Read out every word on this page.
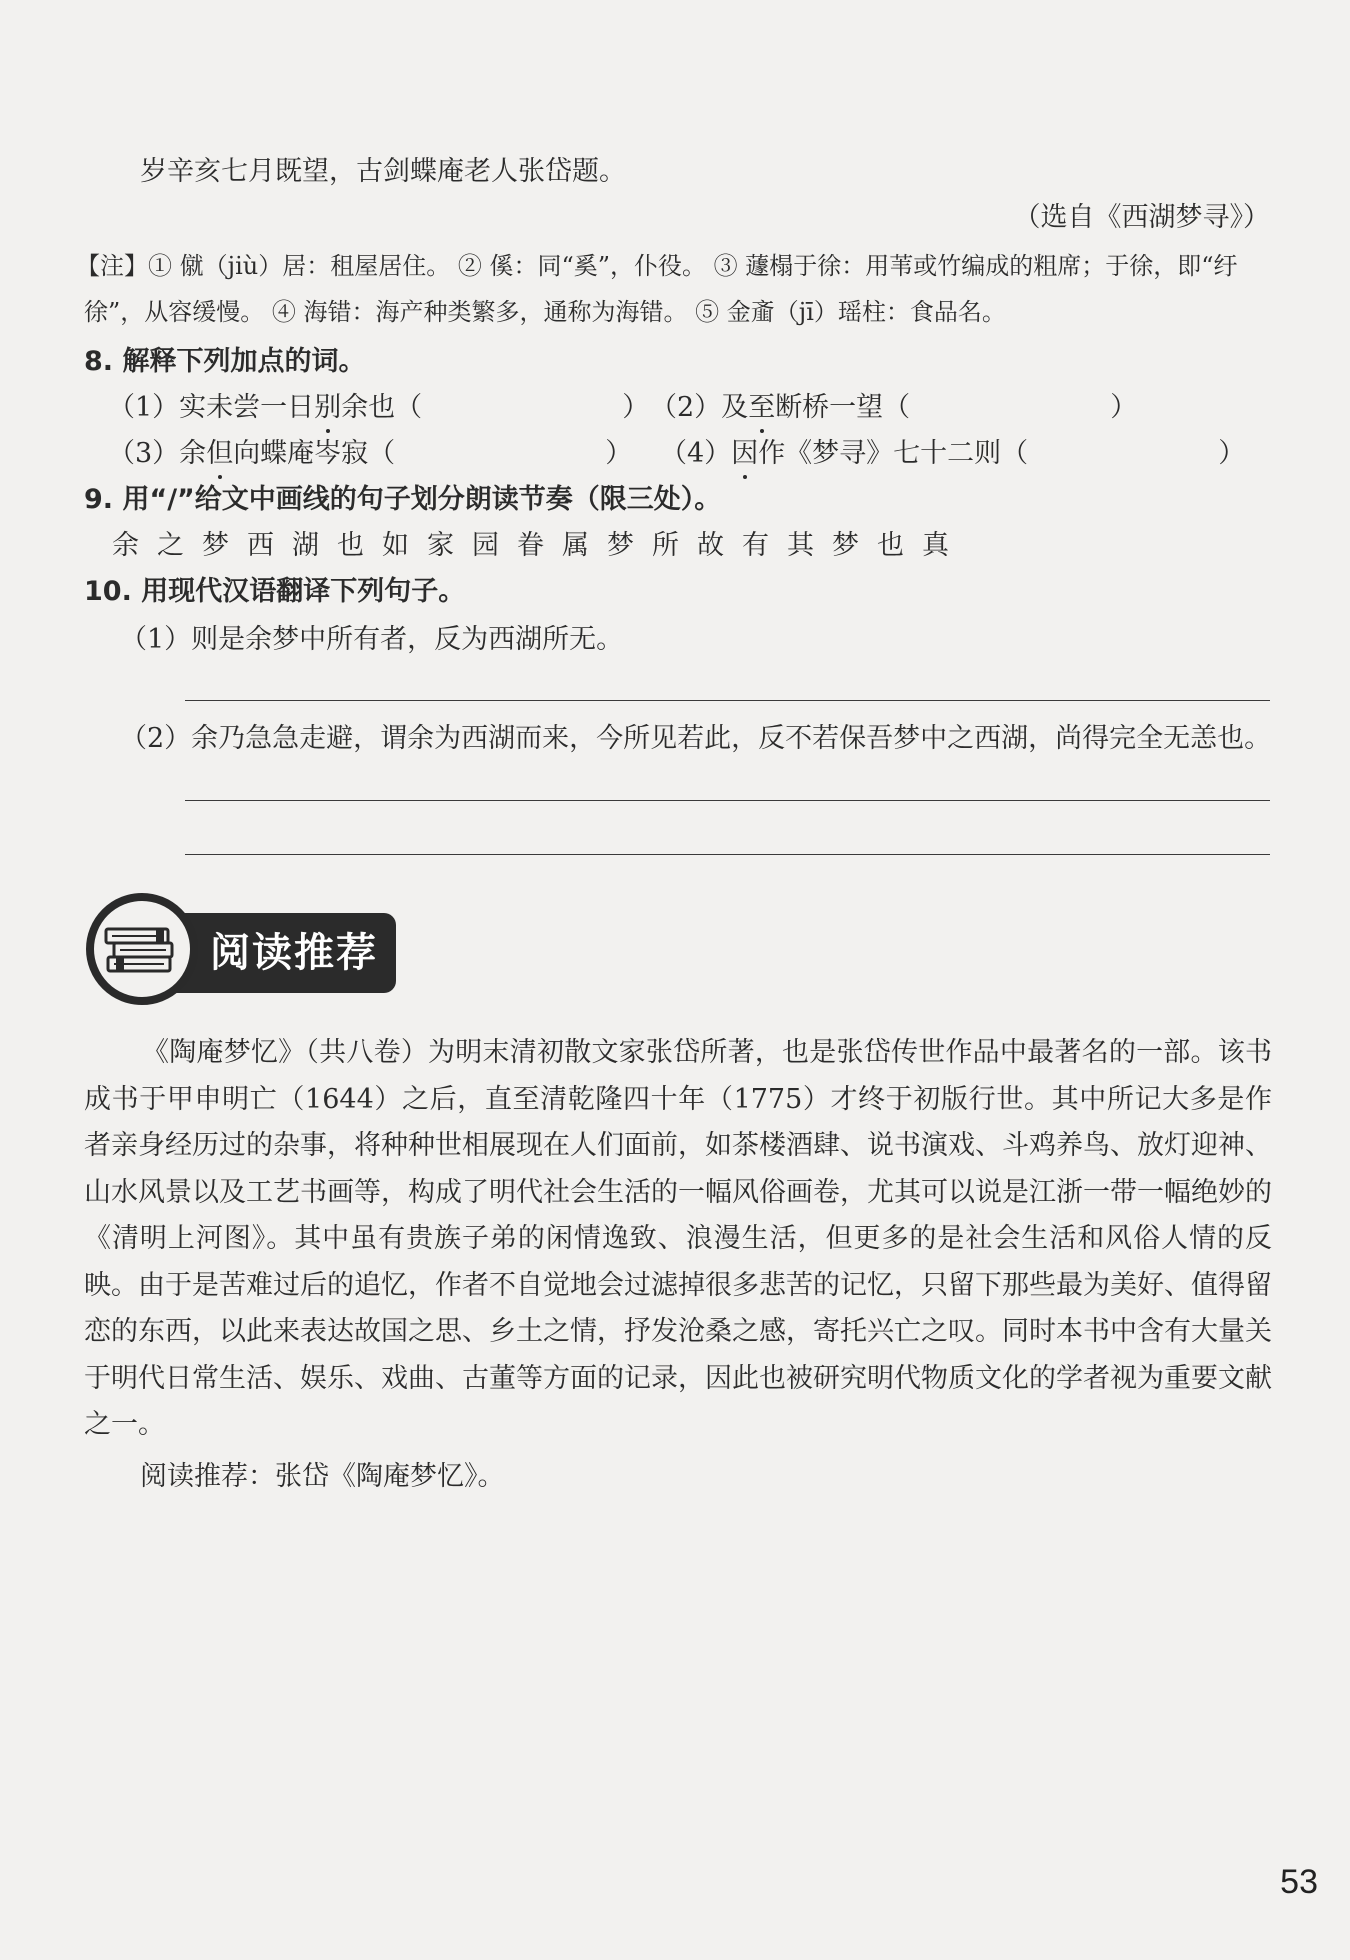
岁辛亥七月既望，古剑蝶庵老人张岱题。
（选自《西湖梦寻》）
【注】① 僦（jiù）居：租屋居住。 ② 傒：同“奚”，仆役。 ③ 蘧榻于徐：用苇或竹编成的粗席；于徐，即“纡
徐”，从容缓慢。 ④ 海错：海产种类繁多，通称为海错。 ⑤ 金齑（jī）瑶柱：食品名。
8. 解释下列加点的词。
（1）实未尝一日别余也（	） （2）及至断桥一望（	）
（3）余但向蝶庵岑寂（	） （4）因作《梦寻》七十二则（	）
9. 用“/”给文中画线的句子划分朗读节奏（限三处）。
余之梦西湖也如家园眷属梦所故有其梦也真
10. 用现代汉语翻译下列句子。
（1）则是余梦中所有者，反为西湖所无。
（2）余乃急急走避，谓余为西湖而来，今所见若此，反不若保吾梦中之西湖，尚得完全无恙也。
阅读推荐
《陶庵梦忆》（共八卷）为明末清初散文家张岱所著，也是张岱传世作品中最著名的一部。该书成书于甲申明亡（1644）之后，直至清乾隆四十年（1775）才终于初版行世。其中所记大多是作者亲身经历过的杂事，将种种世相展现在人们面前，如茶楼酒肆、说书演戏、斗鸡养鸟、放灯迎神、山水风景以及工艺书画等，构成了明代社会生活的一幅风俗画卷，尤其可以说是江浙一带一幅绝妙的《清明上河图》。其中虽有贵族子弟的闲情逸致、浪漫生活，但更多的是社会生活和风俗人情的反映。由于是苦难过后的追忆，作者不自觉地会过滤掉很多悲苦的记忆，只留下那些最为美好、值得留恋的东西，以此来表达故国之思、乡土之情，抒发沧桑之感，寄托兴亡之叹。同时本书中含有大量关于明代日常生活、娱乐、戏曲、古董等方面的记录，因此也被研究明代物质文化的学者视为重要文献之一。
阅读推荐：张岱《陶庵梦忆》。
53
